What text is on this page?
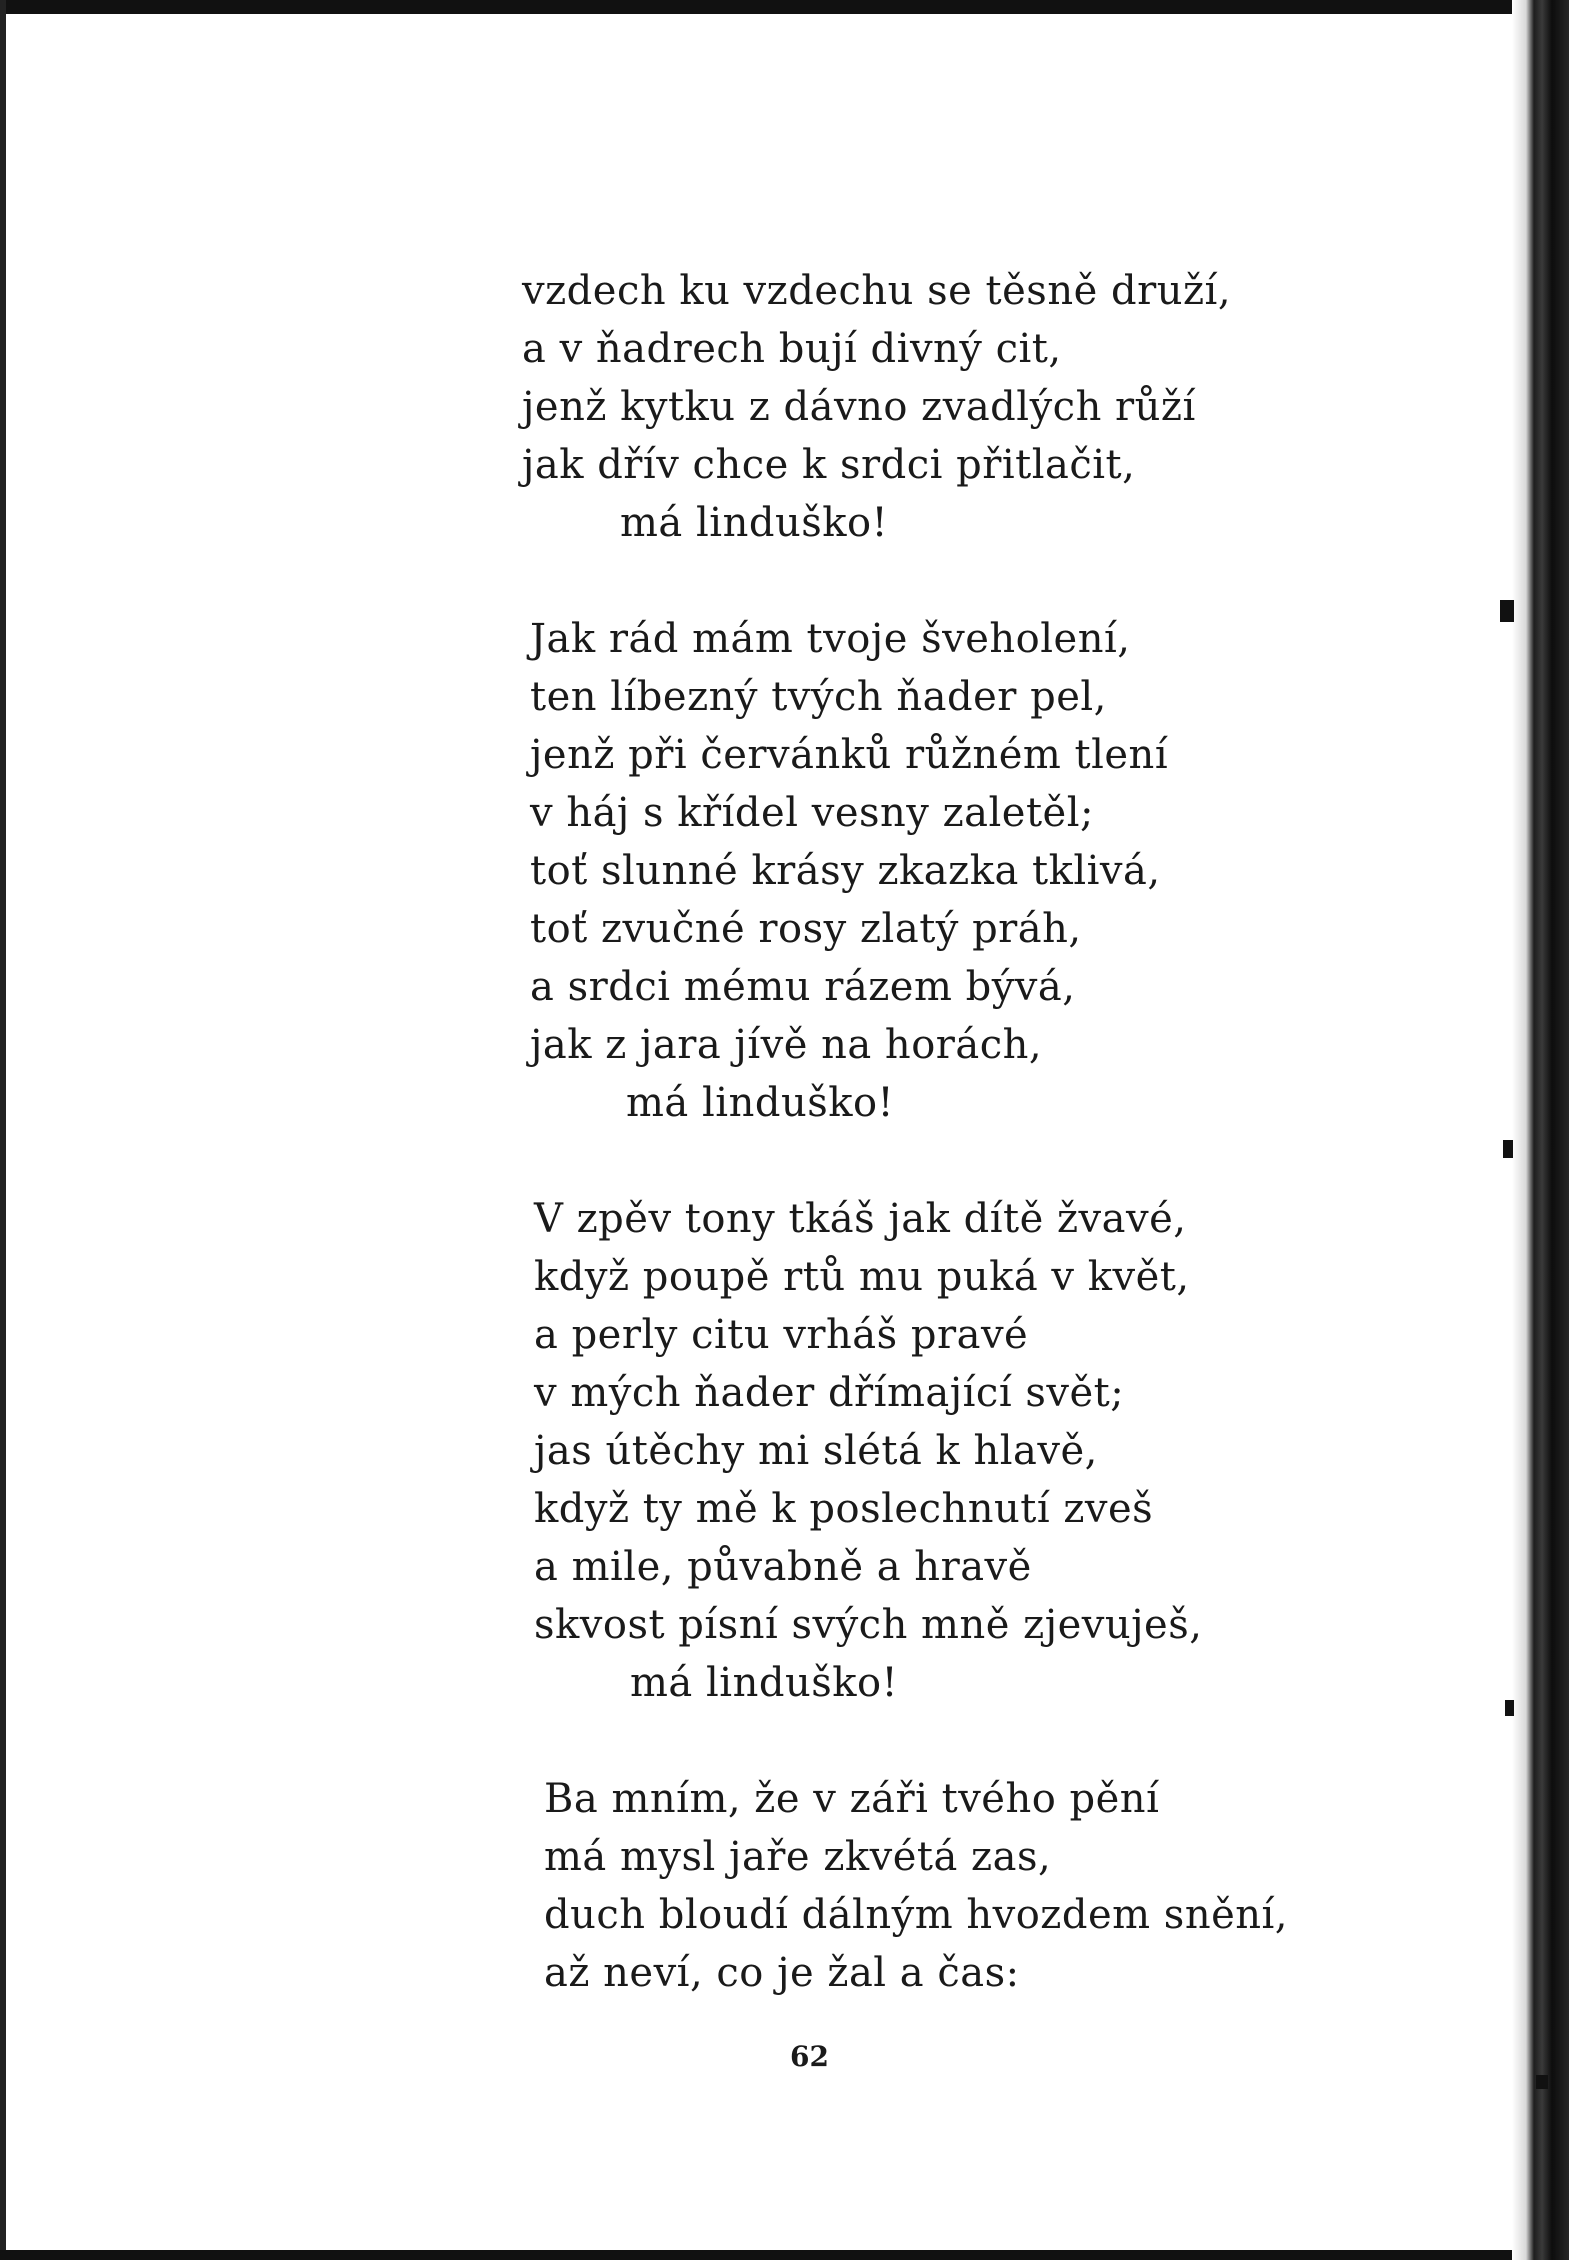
vzdech ku vzdechu se těsně druží,
a v ňadrech bují divný cit,
jenž kytku z dávno zvadlých růží
jak dřív chce k srdci přitlačit,
má linduško!
Jak rád mám tvoje šveholení,
ten líbezný tvých ňader pel,
jenž při červánků růžném tlení
v háj s křídel vesny zaletěl;
toť slunné krásy zkazka tklivá,
toť zvučné rosy zlatý práh,
a srdci mému rázem bývá,
jak z jara jívě na horách,
má linduško!
V zpěv tony tkáš jak dítě žvavé,
když poupě rtů mu puká v květ,
a perly citu vrháš pravé
v mých ňader dřímající svět;
jas útěchy mi slétá k hlavě,
když ty mě k poslechnutí zveš
a mile, půvabně a hravě
skvost písní svých mně zjevuješ,
má linduško!
Ba mním, že v záři tvého pění
má mysl jaře zkvétá zas,
duch bloudí dálným hvozdem snění,
až neví, co je žal a čas:
62
